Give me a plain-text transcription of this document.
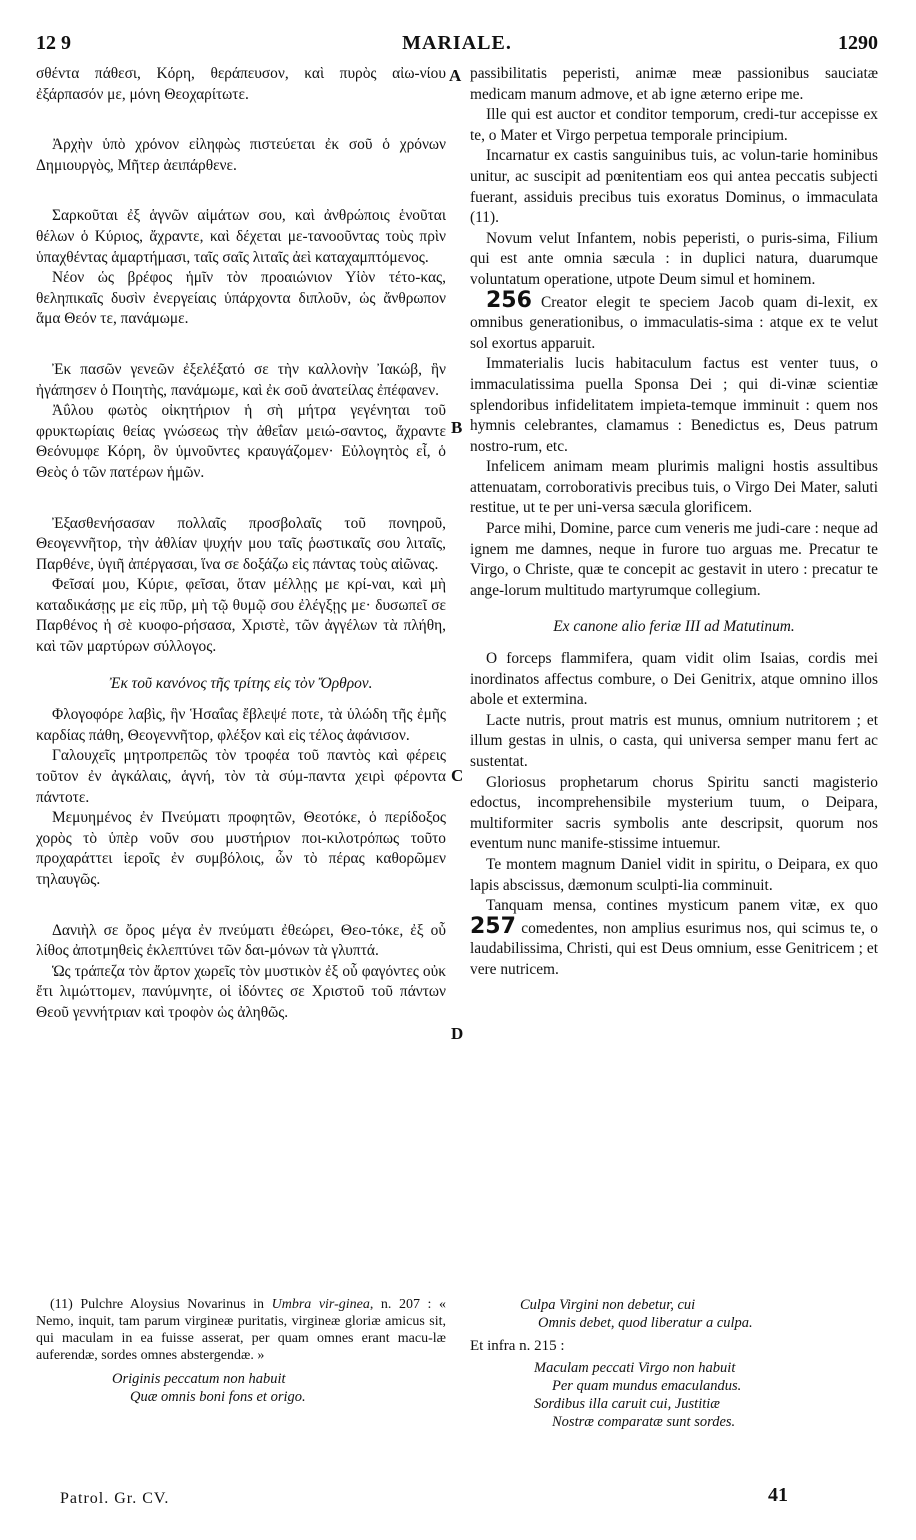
12 9	MARIALE.	1290

σθέντα πάθεσι, Κόρη, θεράπευσον, καὶ πυρὸς αἰω-νίου ἐξάρπασόν με, μόνη Θεοχαρίτωτε.

Ἀρχὴν ὑπὸ χρόνον εἰληφὼς πιστεύεται ἐκ σοῦ ὁ χρόνων Δημιουργὸς, Μῆτερ ἀειπάρθενε.

Σαρκοῦται ἐξ ἁγνῶν αἱμάτων σου, καὶ ἀνθρώποις ἑνοῦται θέλων ὁ Κύριος, ἄχραντε, καὶ δέχεται με-τανοοῦντας τοὺς πρὶν ὑπαχθέντας ἁμαρτήμασι, ταῖς σαῖς λιταῖς ἀεὶ καταχαμπτόμενος.

Νέον ὡς βρέφος ἡμῖν τὸν προαιώνιον Υἱὸν τέτο-κας, θεληπικαῖς δυσὶν ἐνεργείαις ὑπάρχοντα διπλοῦν, ὡς ἄνθρωπον ἅμα Θεόν τε, πανάμωμε.

Ἐκ πασῶν γενεῶν ἐξελέξατό σε τὴν καλλονὴν Ἰακώβ, ἣν ἠγάπησεν ὁ Ποιητὴς, πανάμωμε, καὶ ἐκ σοῦ ἀνατείλας ἐπέφανεν.

Ἀΰλου φωτὸς οἰκητήριον ἡ σὴ μήτρα γεγένηται τοῦ φρυκτωρίαις θείας γνώσεως τὴν ἀθεΐαν μειώ-σαντος, ἄχραντε Θεόνυμφε Κόρη, ὃν ὑμνοῦντες κραυγάζομεν· Εὐλογητὸς εἶ, ὁ Θεὸς ὁ τῶν πατέρων ἡμῶν.

Ἐξασθενήσασαν πολλαῖς προσβολαῖς τοῦ πονηροῦ, Θεογεννῆτορ, τὴν ἀθλίαν ψυχήν μου ταῖς ῥωστικαῖς σου λιταῖς, Παρθένε, ὑγιῆ ἀπέργασαι, ἵνα σε δοξάζω εἰς πάντας τοὺς αἰῶνας.

Φεῖσαί μου, Κύριε, φεῖσαι, ὅταν μέλλῃς με κρί-ναι, καὶ μὴ καταδικάσῃς με εἰς πῦρ, μὴ τῷ θυμῷ σου ἐλέγξῃς με· δυσωπεῖ σε Παρθένος ἡ σὲ κυοφο-ρήσασα, Χριστὲ, τῶν ἀγγέλων τὰ πλήθη, καὶ τῶν μαρτύρων σύλλογος.

Ἐκ τοῦ κανόνος τῆς τρίτης εἰς τὸν Ὄρθρον.

Φλογοφόρε λαβὶς, ἣν Ἡσαΐας ἔβλεψέ ποτε, τὰ ὑλώδη τῆς ἐμῆς καρδίας πάθη, Θεογεννῆτορ, φλέξον καὶ εἰς τέλος ἀφάνισον.

Γαλουχεῖς μητροπρεπῶς τὸν τροφέα τοῦ παντὸς καὶ φέρεις τοῦτον ἐν ἀγκάλαις, ἁγνή, τὸν τὰ σύμ-παντα χειρὶ φέροντα πάντοτε.

Μεμυημένος ἐν Πνεύματι προφητῶν, Θεοτόκε, ὁ περίδοξος χορὸς τὸ ὑπὲρ νοῦν σου μυστήριον ποι-κιλοτρόπως τοῦτο προχαράττει ἱεροῖς ἐν συμβόλοις, ὧν τὸ πέρας καθορῶμεν τηλαυγῶς.

Δανιὴλ σε ὄρος μέγα ἐν πνεύματι ἐθεώρει, Θεο-τόκε, ἐξ οὗ λίθος ἀποτμηθεὶς ἐκλεπτύνει τῶν δαι-μόνων τὰ γλυπτά.

Ὡς τράπεζα τὸν ἄρτον χωρεῖς τὸν μυστικὸν ἐξ οὗ φαγόντες οὐκ ἔτι λιμώττομεν, πανύμνητε, οἱ ἰδόντες σε Χριστοῦ τοῦ πάντων Θεοῦ γεννήτριαν καὶ τροφὸν ὡς ἀληθῶς.

passibilitatis peperisti, animæ meæ passionibus sauciatæ medicam manum admove, et ab igne æterno eripe me.

Ille qui est auctor et conditor temporum, credi-tur accepisse ex te, o Mater et Virgo perpetua temporale principium.

Incarnatur ex castis sanguinibus tuis, ac volun-tarie hominibus unitur, ac suscipit ad pœnitentiam eos qui antea peccatis subjecti fuerant, assiduis precibus tuis exoratus Dominus, o immaculata (11).

Novum velut Infantem, nobis peperisti, o puris-sima, Filium qui est ante omnia sæcula : in duplici natura, duarumque voluntatum operatione, utpote Deum simul et hominem.

256 Creator elegit te speciem Jacob quam di-lexit, ex omnibus generationibus, o immaculatis-sima : atque ex te velut sol exortus apparuit.

Immaterialis lucis habitaculum factus est venter tuus, o immaculatissima puella Sponsa Dei ; qui di-vinæ scientiæ splendoribus infidelitatem impieta-temque imminuit : quem nos hymnis celebrantes, clamamus : Benedictus es, Deus patrum nostro-rum, etc.

Infelicem animam meam plurimis maligni hostis assultibus attenuatam, corroborativis precibus tuis, o Virgo Dei Mater, saluti restitue, ut te per uni-versa sæcula glorificem.

Parce mihi, Domine, parce cum veneris me judi-care : neque ad ignem me damnes, neque in furore tuo arguas me. Precatur te Virgo, o Christe, quæ te concepit ac gestavit in utero : precatur te ange-lorum multitudo martyrumque collegium.

Ex canone alio feriæ III ad Matutinum.

O forceps flammifera, quam vidit olim Isaias, cordis mei inordinatos affectus combure, o Dei Genitrix, atque omnino illos abole et extermina.

Lacte nutris, prout matris est munus, omnium nutritorem ; et illum gestas in ulnis, o casta, qui universa semper manu fert ac sustentat.

Gloriosus prophetarum chorus Spiritu sancti magisterio edoctus, incomprehensibile mysterium tuum, o Deipara, multiformiter sacris symbolis ante descripsit, quorum nos eventum nunc manife-stissime intuemur.

Te montem magnum Daniel vidit in spiritu, o Deipara, ex quo lapis abscissus, dæmonum sculpti-lia comminuit.

Tanquam mensa, contines mysticum panem vitæ, ex quo 257 comedentes, non amplius esurimus nos, qui scimus te, o laudabilissima, Christi, qui est Deus omnium, esse Genitricem ; et vere nutricem.

A
B
C
D

(11) Pulchre Aloysius Novarinus in Umbra vir-ginea, n. 207 : « Nemo, inquit, tam parum virgineæ puritatis, virgineæ gloriæ amicus sit, qui maculam in ea fuisse asserat, per quam omnes erant macu-læ auferendæ, sordes omnes abstergendæ. »

Originis peccatum non habuit
Quæ omnis boni fons et origo.
Culpa Virgini non debetur, cui
Omnis debet, quod liberatur a culpa.
Et infra n. 215 :
Maculam peccati Virgo non habuit
Per quam mundus emaculandus.
Sordibus illa caruit cui, Justitiæ
Nostræ comparatæ sunt sordes.
Patrol. Gr. CV.	41
